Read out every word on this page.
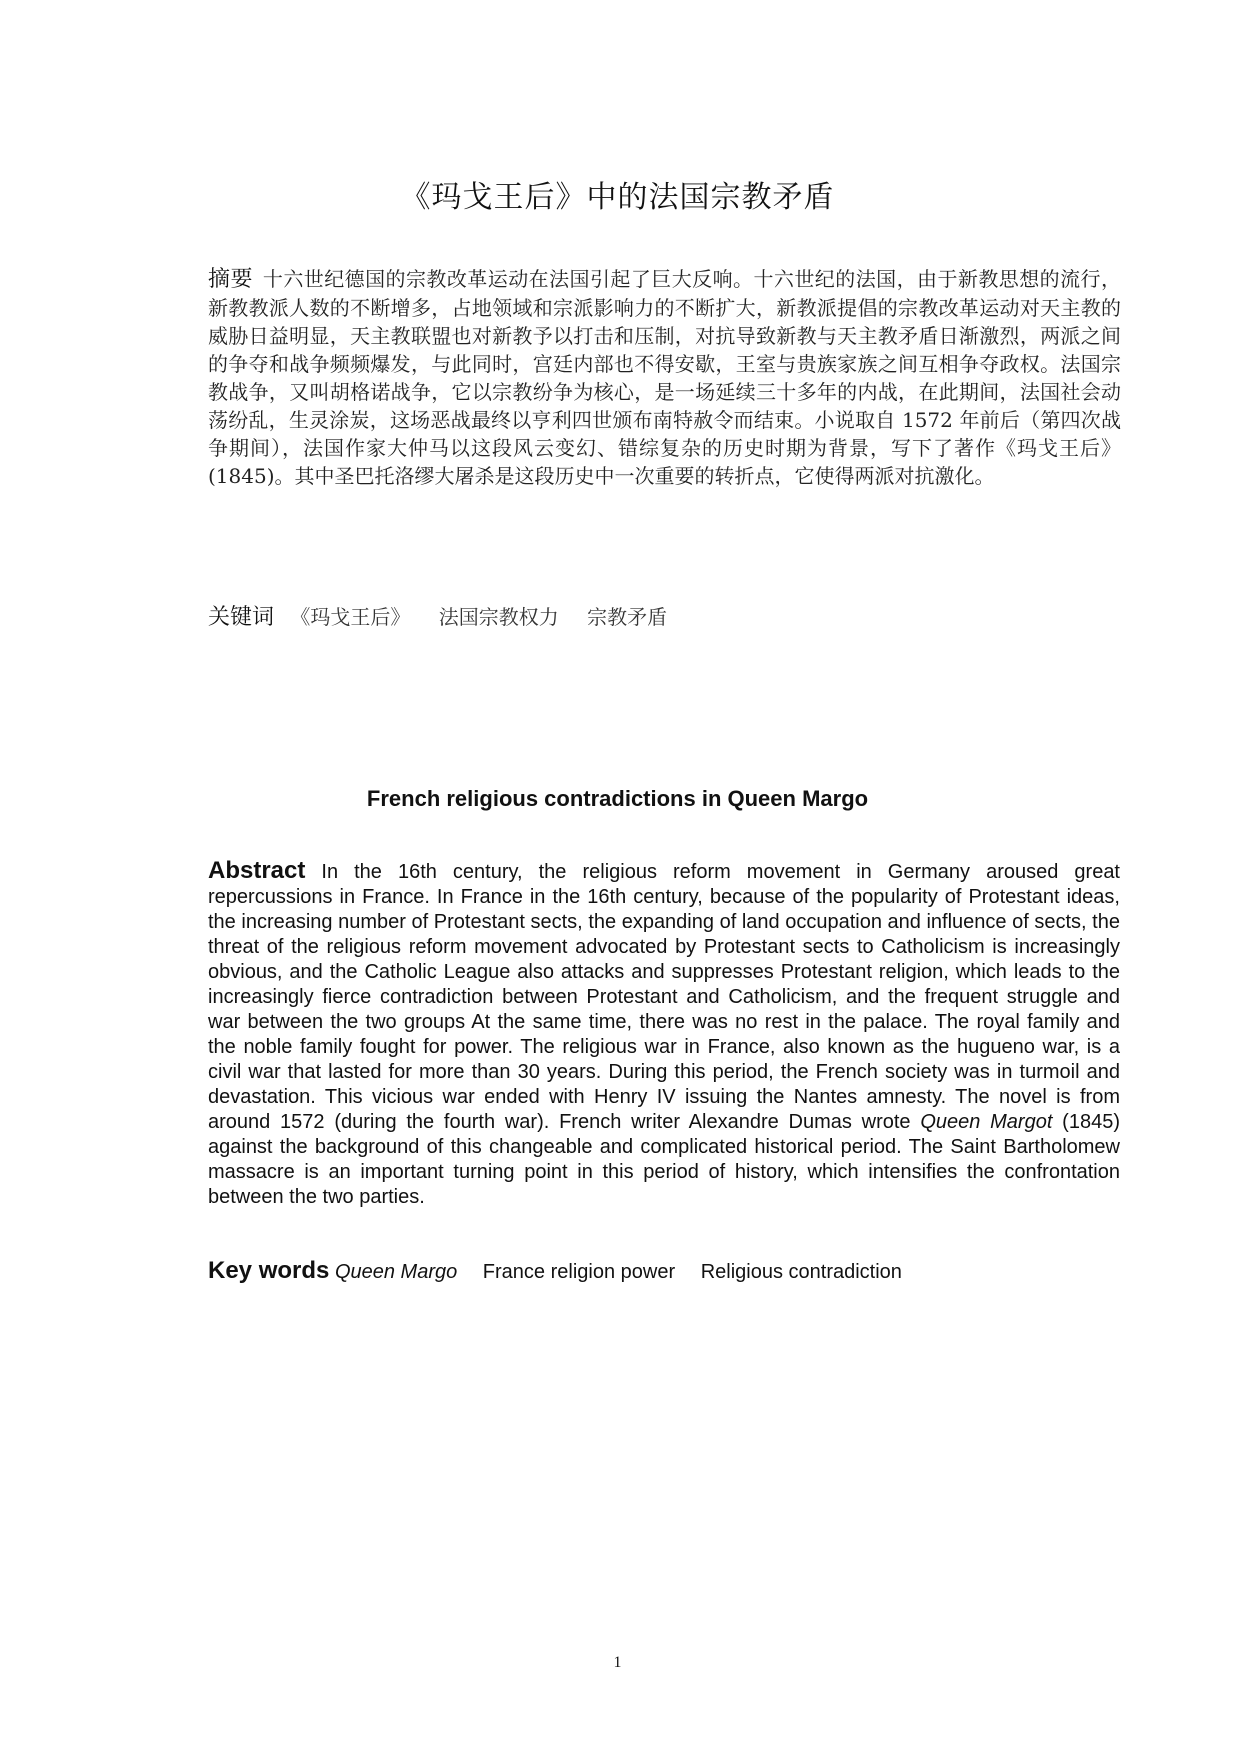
《玛戈王后》中的法国宗教矛盾
摘要 十六世纪德国的宗教改革运动在法国引起了巨大反响。十六世纪的法国，由于新教思想的流行，新教教派人数的不断增多，占地领域和宗派影响力的不断扩大，新教派提倡的宗教改革运动对天主教的威胁日益明显，天主教联盟也对新教予以打击和压制，对抗导致新教与天主教矛盾日渐激烈，两派之间的争夺和战争频频爆发，与此同时，宫廷内部也不得安歇，王室与贵族家族之间互相争夺政权。法国宗教战争，又叫胡格诺战争，它以宗教纷争为核心，是一场延续三十多年的内战，在此期间，法国社会动荡纷乱，生灵涂炭，这场恶战最终以亨利四世颁布南特赦令而结束。小说取自 1572 年前后（第四次战争期间），法国作家大仲马以这段风云变幻、错综复杂的历史时期为背景，写下了著作《玛戈王后》(1845)。其中圣巴托洛缪大屠杀是这段历史中一次重要的转折点，它使得两派对抗激化。
关键词 《玛戈王后》 法国宗教权力 宗教矛盾
French religious contradictions in Queen Margo
Abstract In the 16th century, the religious reform movement in Germany aroused great repercussions in France. In France in the 16th century, because of the popularity of Protestant ideas, the increasing number of Protestant sects, the expanding of land occupation and influence of sects, the threat of the religious reform movement advocated by Protestant sects to Catholicism is increasingly obvious, and the Catholic League also attacks and suppresses Protestant religion, which leads to the increasingly fierce contradiction between Protestant and Catholicism, and the frequent struggle and war between the two groups At the same time, there was no rest in the palace. The royal family and the noble family fought for power. The religious war in France, also known as the hugueno war, is a civil war that lasted for more than 30 years. During this period, the French society was in turmoil and devastation. This vicious war ended with Henry IV issuing the Nantes amnesty. The novel is from around 1572 (during the fourth war). French writer Alexandre Dumas wrote Queen Margot (1845) against the background of this changeable and complicated historical period. The Saint Bartholomew massacre is an important turning point in this period of history, which intensifies the confrontation between the two parties.
Key words Queen Margo France religion power Religious contradiction
1
